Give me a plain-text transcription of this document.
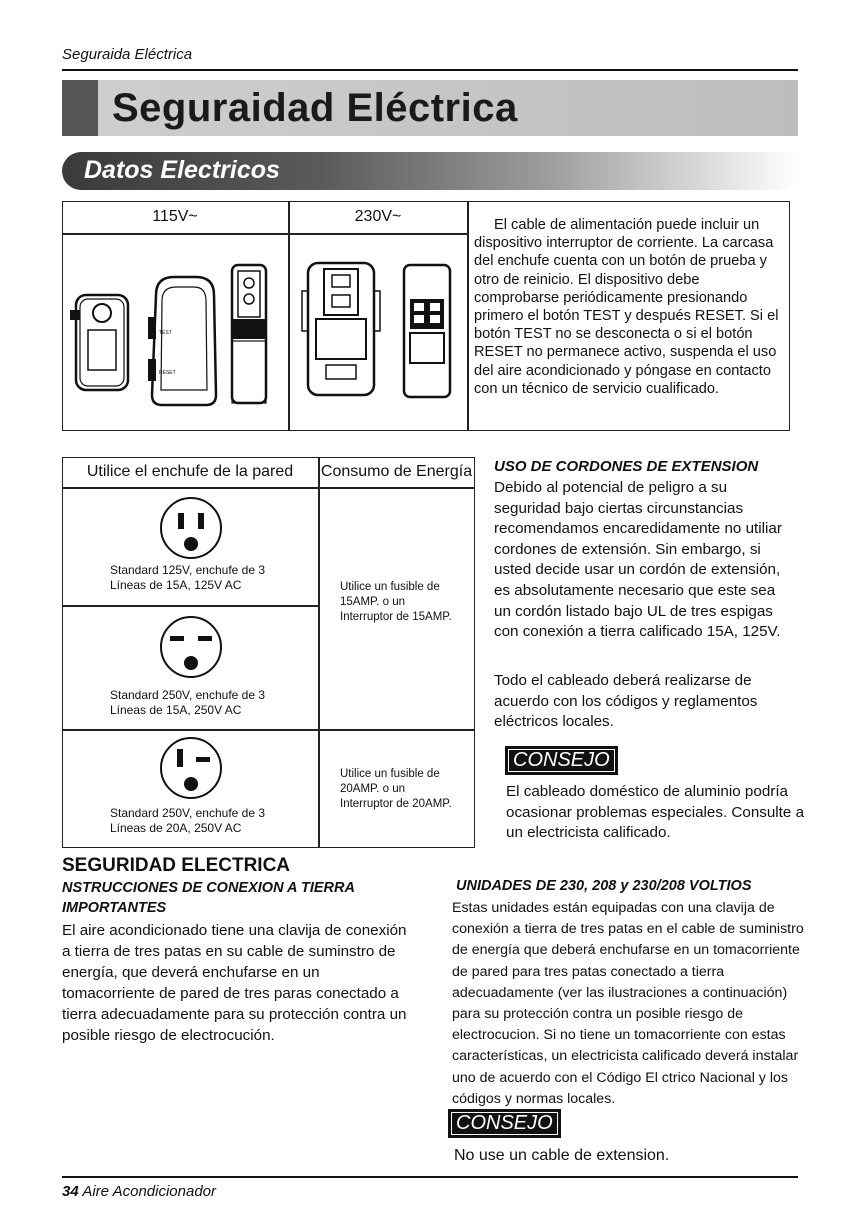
Seguraida Eléctrica
Seguraidad Eléctrica
Datos Electricos
115V~	230V~
TEST
RESET
El cable de alimentación puede incluir un dispositivo interruptor de corriente. La carcasa del enchufe cuenta con un botón de prueba y otro de reinicio. El dispositivo debe comprobarse periódicamente presionando primero el botón TEST y después RESET. Si el botón TEST no se desconecta o si el botón RESET no permanece activo, suspenda el uso del aire acondicionado y póngase en contacto con un técnico de servicio cualificado.
Utilice el enchufe de la pared	Consumo de Energía
Standard 125V, enchufe de 3
Líneas de 15A, 125V AC
Standard 250V, enchufe de 3
Líneas de 15A, 250V AC
Standard 250V, enchufe de 3
Líneas de 20A, 250V AC
Utilice un fusible de
15AMP. o un
Interruptor de 15AMP.
Utilice un fusible de
20AMP. o un
Interruptor de 20AMP.
USO DE CORDONES DE EXTENSION
Debido al potencial de peligro a su seguridad bajo ciertas circunstancias recomendamos encaredidamente no utiliar cordones de extensión. Sin embargo, si usted decide usar un cordón de extensión, es absolutamente necesario que este sea un cordón listado bajo UL de tres espigas con conexión a tierra calificado 15A, 125V.
Todo el cableado deberá realizarse de acuerdo con los códigos y reglamentos eléctricos locales.
CONSEJO
El cableado doméstico de aluminio podría ocasionar problemas especiales. Consulte a un electricista calificado.
SEGURIDAD ELECTRICA
NSTRUCCIONES DE CONEXION A TIERRA IMPORTANTES
El aire acondicionado tiene una clavija de conexión a tierra de tres patas en su cable de suminstro de energía, que deverá enchufarse en un tomacorriente de pared de tres paras conectado a tierra adecuadamente para su protección contra un posible riesgo de electrocución.
UNIDADES DE 230, 208 y 230/208 VOLTIOS
Estas unidades están equipadas con una clavija de conexión a tierra de tres patas en el cable de suministro de energía que deberá enchufarse en un tomacorriente de pared para tres patas conectado a tierra adecuadamente (ver las ilustraciones a continuación) para su protección contra un posible riesgo de electrocucion. Si no tiene un tomacorriente con estas características, un electricista calificado deverá instalar uno de acuerdo con el Código El ctrico Nacional y los códigos y normas locales.
CONSEJO
No use un cable de extension.
34 Aire Acondicionador
